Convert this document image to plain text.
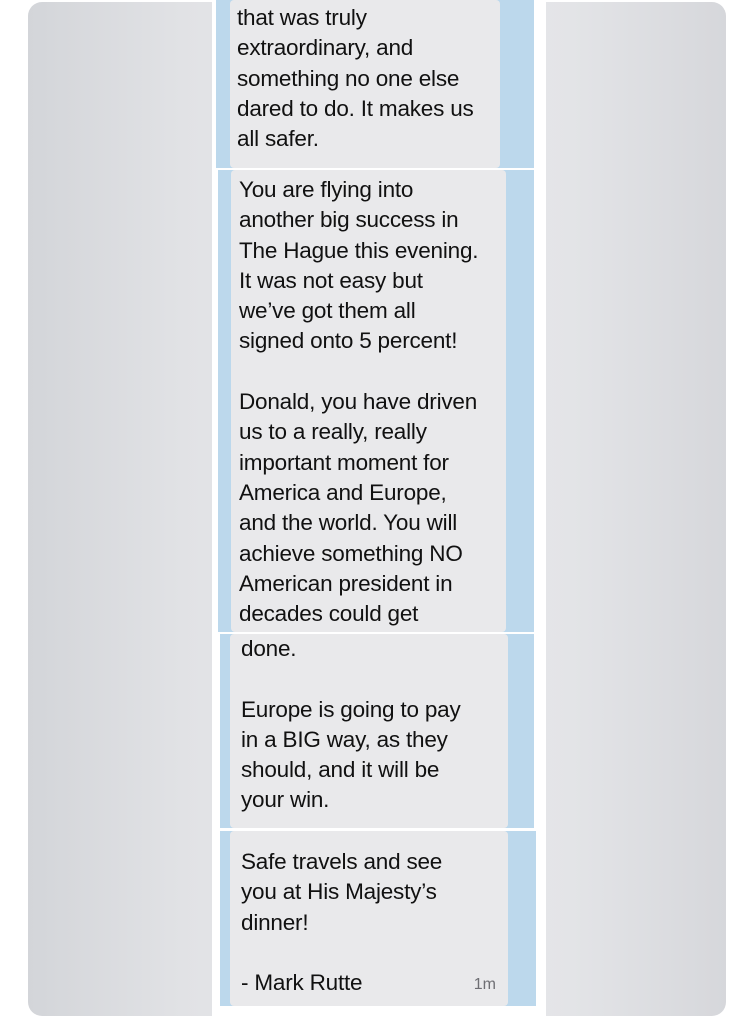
that was truly
extraordinary, and
something no one else
dared to do. It makes us
all safer.
You are flying into
another big success in
The Hague this evening.
It was not easy but
we’ve got them all
signed onto 5 percent!

Donald, you have driven
us to a really, really
important moment for
America and Europe,
and the world. You will
achieve something NO
American president in
decades could get
done.

Europe is going to pay
in a BIG way, as they
should, and it will be
your win.
Safe travels and see
you at His Majesty’s
dinner!

- Mark Rutte	1m
